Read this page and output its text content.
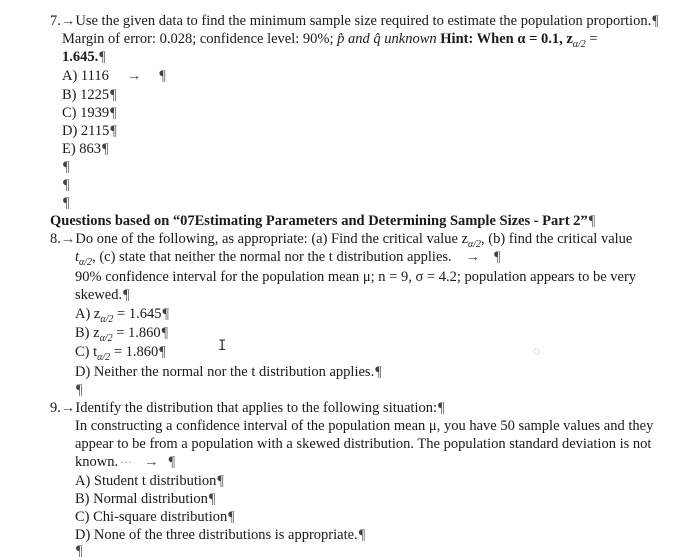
7.→Use the given data to find the minimum sample size required to estimate the population proportion.¶
Margin of error: 0.028; confidence level: 90%; p̂ and q̂ unknown Hint: When α = 0.1, $z_{\alpha/2}$ =
1.645.¶
A) 1116 → ¶
B) 1225¶
C) 1939¶
D) 2115¶
E) 863¶
¶
¶
¶
Questions based on “07Estimating Parameters and Determining Sample Sizes - Part 2”¶
8.→Do one of the following, as appropriate: (a) Find the critical value $z_{\alpha/2}$, (b) find the critical value
$t_{\alpha/2}$, (c) state that neither the normal nor the t distribution applies. → ¶
90% confidence interval for the population mean μ; n = 9, σ = 4.2; population appears to be very
skewed.¶
A) $z_{\alpha/2}$ = 1.645¶
B) $z_{\alpha/2}$ = 1.860¶
C) $t_{\alpha/2}$ = 1.860¶	I	◌
D) Neither the normal nor the t distribution applies.¶
¶
9.→Identify the distribution that applies to the following situation:¶
In constructing a confidence interval of the population mean μ, you have 50 sample values and they
appear to be from a population with a skewed distribution. The population standard deviation is not
known. ··· → ¶
A) Student t distribution¶
B) Normal distribution¶
C) Chi-square distribution¶
D) None of the three distributions is appropriate.¶
¶
